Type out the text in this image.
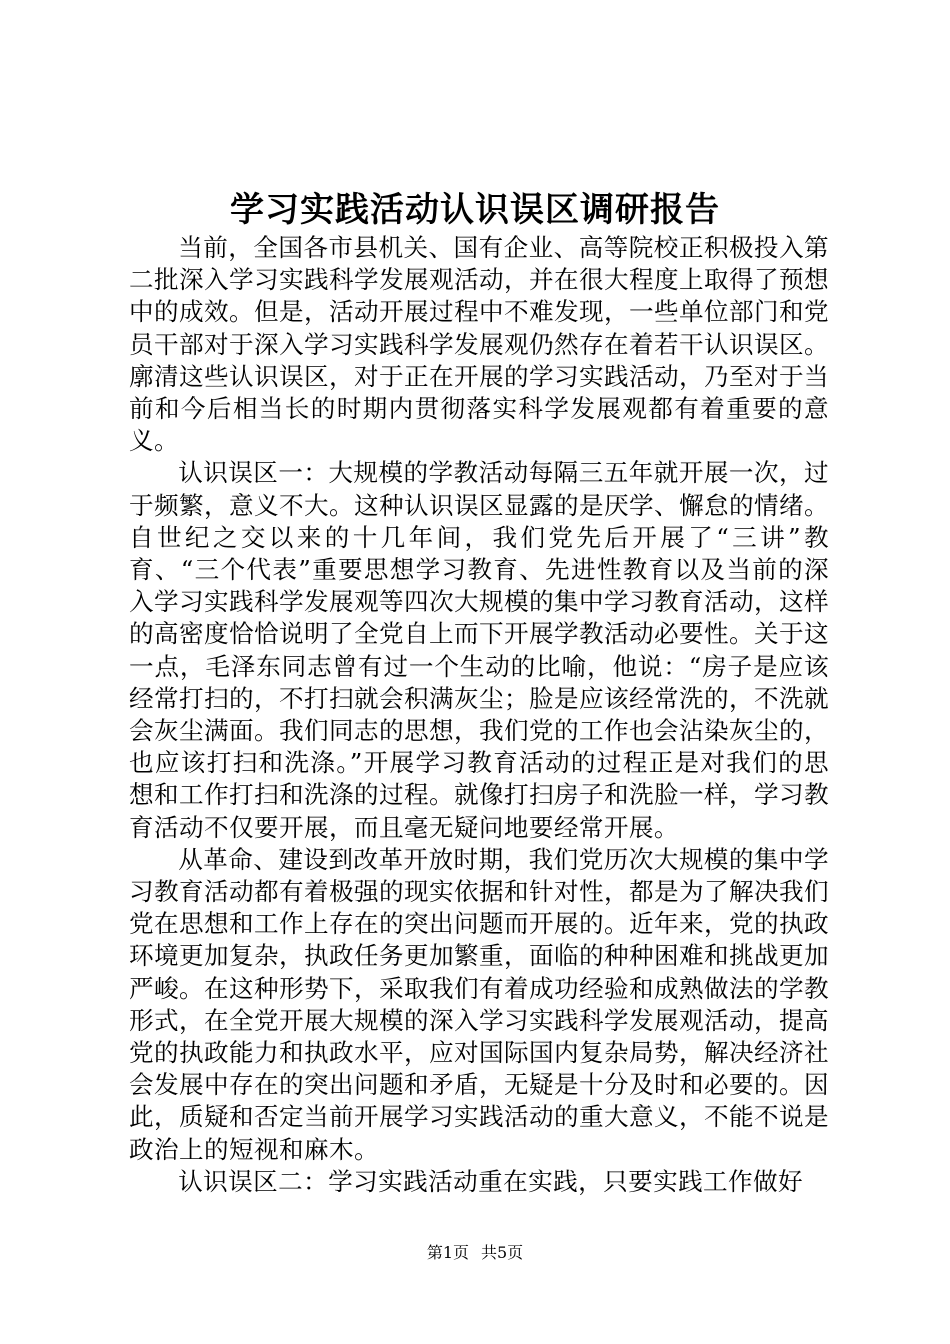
学习实践活动认识误区调研报告

当前，全国各市县机关、国有企业、高等院校正积极投入第二批深入学习实践科学发展观活动，并在很大程度上取得了预想中的成效。但是，活动开展过程中不难发现，一些单位部门和党员干部对于深入学习实践科学发展观仍然存在着若干认识误区。廓清这些认识误区，对于正在开展的学习实践活动，乃至对于当前和今后相当长的时期内贯彻落实科学发展观都有着重要的意义。

认识误区一：大规模的学教活动每隔三五年就开展一次，过于频繁，意义不大。这种认识误区显露的是厌学、懈怠的情绪。自世纪之交以来的十几年间，我们党先后开展了“三讲”教育、“三个代表”重要思想学习教育、先进性教育以及当前的深入学习实践科学发展观等四次大规模的集中学习教育活动，这样的高密度恰恰说明了全党自上而下开展学教活动必要性。关于这一点，毛泽东同志曾有过一个生动的比喻，他说：“房子是应该经常打扫的，不打扫就会积满灰尘；脸是应该经常洗的，不洗就会灰尘满面。我们同志的思想，我们党的工作也会沾染灰尘的，也应该打扫和洗涤。”开展学习教育活动的过程正是对我们的思想和工作打扫和洗涤的过程。就像打扫房子和洗脸一样，学习教育活动不仅要开展，而且毫无疑问地要经常开展。

从革命、建设到改革开放时期，我们党历次大规模的集中学习教育活动都有着极强的现实依据和针对性，都是为了解决我们党在思想和工作上存在的突出问题而开展的。近年来，党的执政环境更加复杂，执政任务更加繁重，面临的种种困难和挑战更加严峻。在这种形势下，采取我们有着成功经验和成熟做法的学教形式，在全党开展大规模的深入学习实践科学发展观活动，提高党的执政能力和执政水平，应对国际国内复杂局势，解决经济社会发展中存在的突出问题和矛盾，无疑是十分及时和必要的。因此，质疑和否定当前开展学习实践活动的重大意义，不能不说是政治上的短视和麻木。

认识误区二：学习实践活动重在实践，只要实践工作做好

第1页 共5页
